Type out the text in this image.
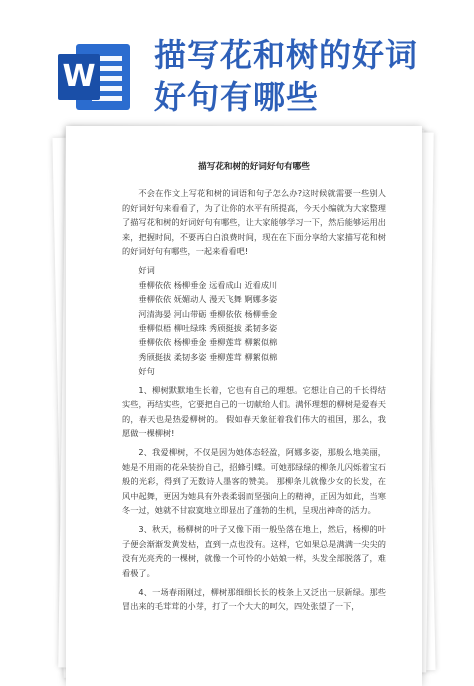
W
描写花和树的好词
好句有哪些
描写花和树的好词好句有哪些

不会在作文上写花和树的词语和句子怎么办?这时候就需要一些别人的好词好句来看看了，为了让你的水平有所提高，今天小编就为大家整理了描写花和树的好词好句有哪些，让大家能够学习一下，然后能够运用出来，把握时间，不要再白白浪费时间，现在在下面分享给大家描写花和树的好词好句有哪些，一起来看看吧!

好词

垂柳依依 杨柳垂金 远看成山 近看成川

垂柳依依 妩媚动人 漫天飞舞 婀娜多姿

河清海晏 河山带砺 垂柳依依 杨柳垂金

垂柳似梧 柳吐绿珠 秀颀挺拔 柔韧多姿

垂柳依依 杨柳垂金 垂柳莲茸 柳絮似棉

秀颀挺拔 柔韧多姿 垂柳莲茸 柳絮似棉

好句

1、柳树默默地生长着，它也有自己的理想。它想让自己的千长得结实些，再结实些，它要把自己的一切献给人们。满怀理想的柳树是爱春天的，春天也是热爱柳树的。 假如春天象征着我们伟大的祖国，那么，我愿做一棵柳树!

2、我爱柳树，不仅是因为她体态轻盈，阿娜多姿，那般么地美丽，她是不用雨的花朵装扮自己，招蜂引蝶。可她那绿绿的柳条儿闪烁着宝石般的光彩，得到了无数诗人墨客的赞美。 那柳条儿就像少女的长发，在风中起舞，更因为她具有外表柔弱而坚强向上的精神，正因为如此，当寒冬一过，她就不甘寂寞地立即显出了蓬勃的生机，呈现出神奇的活力。

3、秋天，杨柳树的叶子又像下雨一般坠落在地上，然后，杨柳的叶子便会渐渐发黄发枯，直到一点也没有。这样，它如果总是满满一尖尖的没有光亮秃的一棵树，就像一个可怜的小姑娘一样，头发全部脱落了，难看极了。

4、一场春雨刚过，柳树那细细长长的枝条上又泛出一层新绿。那些冒出来的毛茸茸的小芽，打了一个大大的呵欠，四处张望了一下，
